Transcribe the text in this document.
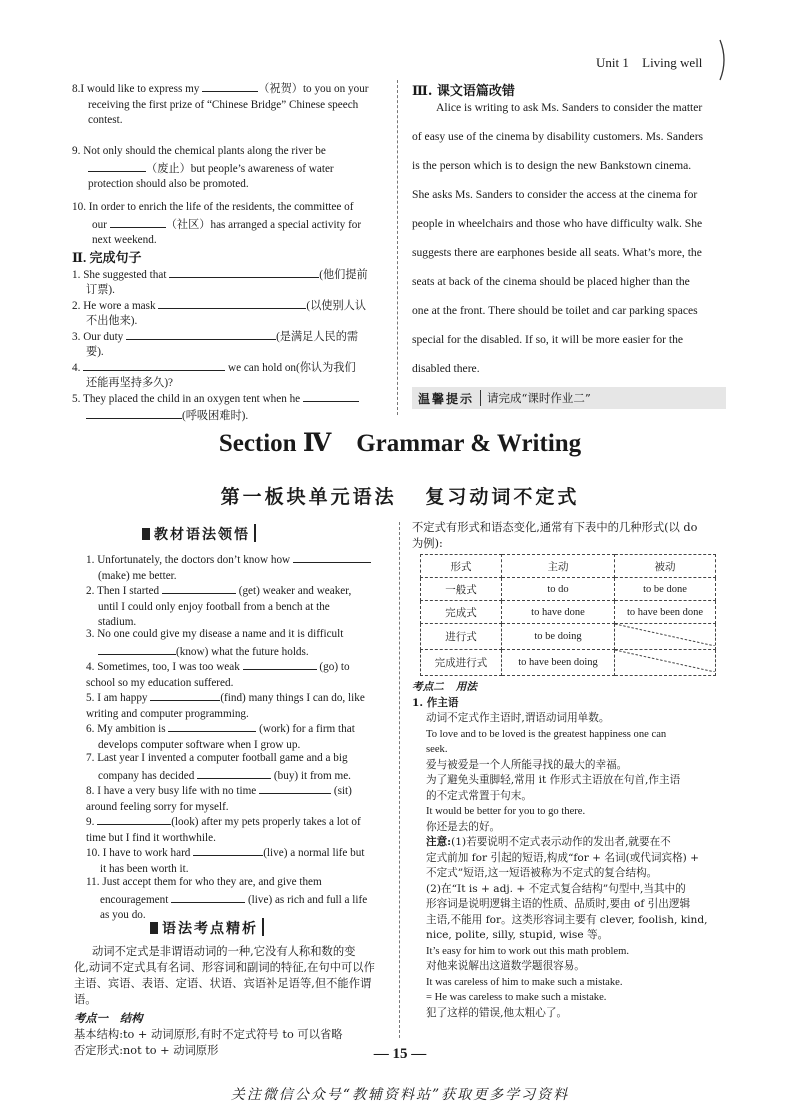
Unit 1 Living well
8.I would like to express my	（祝贺）to you on your
receiving the first prize of “Chinese Bridge” Chinese speech
contest.
9. Not only should the chemical plants along the river be
（废止）but people’s awareness of water
protection should also be promoted.
10. In order to enrich the life of the residents, the committee of
our	（社区）has arranged a special activity for
next weekend.
Ⅱ. 完成句子
1. She suggested that	(他们提前
订票).
2. He wore a mask	(以使别人认
不出他来).
3. Our duty	(是满足人民的需
要).
4.	we can hold on(你认为我们
还能再坚持多久)?
5. They placed the child in an oxygen tent when he
(呼吸困难时).
Ⅲ. 课文语篇改错
Alice is writing to ask Ms. Sanders to consider the matter
of easy use of the cinema by disability customers. Ms. Sanders
is the person which is to design the new Bankstown cinema.
She asks Ms. Sanders to consider the access at the cinema for
people in wheelchairs and those who have difficulty walk. She
suggests there are earphones beside all seats. What’s more, the
seats at back of the cinema should be placed higher than the
one at the front. There should be toilet and car parking spaces
special for the disabled. If so, it will be more easier for the
disabled there.
温馨提示	请完成“课时作业二”
Section Ⅳ    Grammar & Writing
第一板块单元语法   复习动词不定式
教材语法领悟
1. Unfortunately, the doctors don’t know how
(make) me better.
2. Then I started	(get) weaker and weaker,
until I could only enjoy football from a bench at the
stadium.
3. No one could give my disease a name and it is difficult
(know) what the future holds.
4. Sometimes, too, I was too weak	(go) to
school so my education suffered.
5. I am happy	(find) many things I can do, like
writing and computer programming.
6. My ambition is	(work) for a firm that
develops computer software when I grow up.
7. Last year I invented a computer football game and a big
company has decided	(buy) it from me.
8. I have a very busy life with no time	(sit)
around feeling sorry for myself.
9.	(look) after my pets properly takes a lot of
time but I find it worthwhile.
10. I have to work hard	(live) a normal life but
it has been worth it.
11. Just accept them for who they are, and give them
encouragement	(live) as rich and full a life
as you do.
语法考点精析
动词不定式是非谓语动词的一种,它没有人称和数的变
化,动词不定式具有名词、形容词和副词的特征,在句中可以作
主语、宾语、表语、定语、状语、宾语补足语等,但不能作谓语。
考点一 结构
基本结构:to + 动词原形,有时不定式符号 to 可以省略
否定形式:not to + 动词原形
不定式有形式和语态变化,通常有下表中的几种形式(以 do
为例):
形式	主动	被动
一般式	to do	to be done
完成式	to have done	to have been done
进行式	to be doing	
完成进行式	to have been doing	
考点二 用法
1. 作主语
动词不定式作主语时,谓语动词用单数。
To love and to be loved is the greatest happiness one can
seek.
爱与被爱是一个人所能寻找的最大的幸福。
为了避免头重脚轻,常用 it 作形式主语放在句首,作主语
的不定式常置于句末。
It would be better for you to go there.
你还是去的好。
注意:(1)若要说明不定式表示动作的发出者,就要在不
定式前加 for 引起的短语,构成“for + 名词(或代词宾格) +
不定式”短语,这一短语被称为不定式的复合结构。
(2)在“It is + adj. + 不定式复合结构”句型中,当其中的
形容词是说明逻辑主语的性质、品质时,要由 of 引出逻辑
主语,不能用 for。这类形容词主要有 clever, foolish, kind,
nice, polite, silly, stupid, wise 等。
It’s easy for him to work out this math problem.
对他来说解出这道数学题很容易。
It was careless of him to make such a mistake.
= He was careless to make such a mistake.
犯了这样的错误,他太粗心了。
— 15 —
关注微信公众号“教辅资料站”获取更多学习资料
